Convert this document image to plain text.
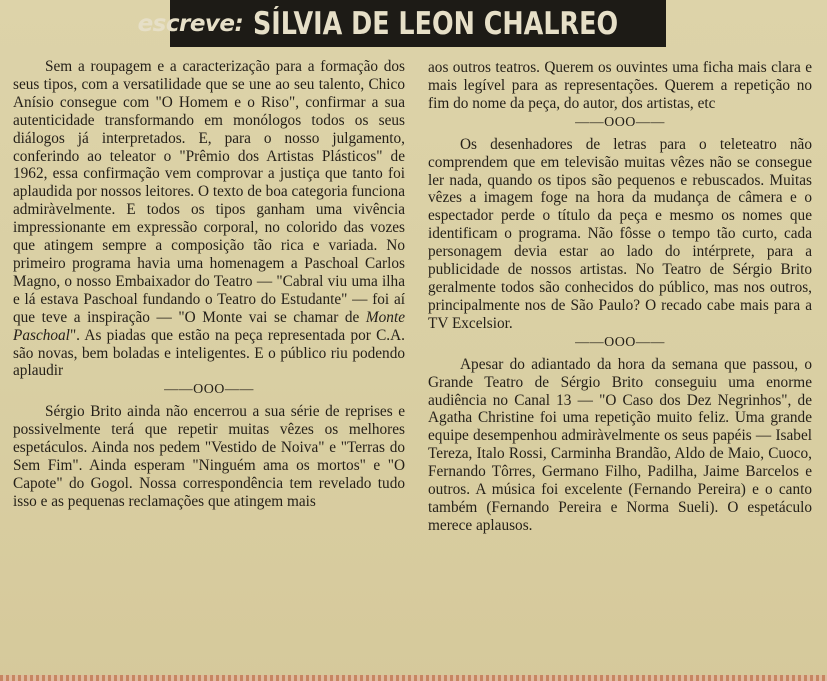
escreve: SÍLVIA DE LEON CHALREO

Sem a roupagem e a caracterização para a formação dos seus tipos, com a versatilidade que se une ao seu talento, Chico Anísio consegue com "O Homem e o Riso", confirmar a sua autenticidade transformando em monólogos todos os seus diálogos já interpretados. E, para o nosso julgamento, conferindo ao teleator o "Prêmio dos Artistas Plásticos" de 1962, essa confirmação vem comprovar a justiça que tanto foi aplaudida por nossos leitores. O texto de boa categoria funciona admiràvelmente. E todos os tipos ganham uma vivência impressionante em expressão corporal, no colorido das vozes que atingem sempre a composição tão rica e variada. No primeiro programa havia uma homenagem a Paschoal Carlos Magno, o nosso Embaixador do Teatro — "Cabral viu uma ilha e lá estava Paschoal fundando o Teatro do Estudante" — foi aí que teve a inspiração — "O Monte vai se chamar de Monte Paschoal". As piadas que estão na peça representada por C.A. são novas, bem boladas e inteligentes. E o público riu podendo aplaudir

——OOO——

Sérgio Brito ainda não encerrou a sua série de reprises e possivelmente terá que repetir muitas vêzes os melhores espetáculos. Ainda nos pedem "Vestido de Noiva" e "Terras do Sem Fim". Ainda esperam "Ninguém ama os mortos" e "O Capote" do Gogol. Nossa correspondência tem revelado tudo isso e as pequenas reclamações que atingem mais

aos outros teatros. Querem os ouvintes uma ficha mais clara e mais legível para as representações. Querem a repetição no fim do nome da peça, do autor, dos artistas, etc

——OOO——

Os desenhadores de letras para o teleteatro não comprendem que em televisão muitas vêzes não se consegue ler nada, quando os tipos são pequenos e rebuscados. Muitas vêzes a imagem foge na hora da mudança de câmera e o espectador perde o título da peça e mesmo os nomes que identificam o programa. Não fôsse o tempo tão curto, cada personagem devia estar ao lado do intérprete, para a publicidade de nossos artistas. No Teatro de Sérgio Brito geralmente todos são conhecidos do público, mas nos outros, principalmente nos de São Paulo? O recado cabe mais para a TV Excelsior.

——OOO——

Apesar do adiantado da hora da semana que passou, o Grande Teatro de Sérgio Brito conseguiu uma enorme audiência no Canal 13 — "O Caso dos Dez Negrinhos", de Agatha Christine foi uma repetição muito feliz. Uma grande equipe desempenhou admiràvelmente os seus papéis — Isabel Tereza, Italo Rossi, Carminha Brandão, Aldo de Maio, Cuoco, Fernando Tôrres, Germano Filho, Padilha, Jaime Barcelos e outros. A música foi excelente (Fernando Pereira) e o canto também (Fernando Pereira e Norma Sueli). O espetáculo merece aplausos.
